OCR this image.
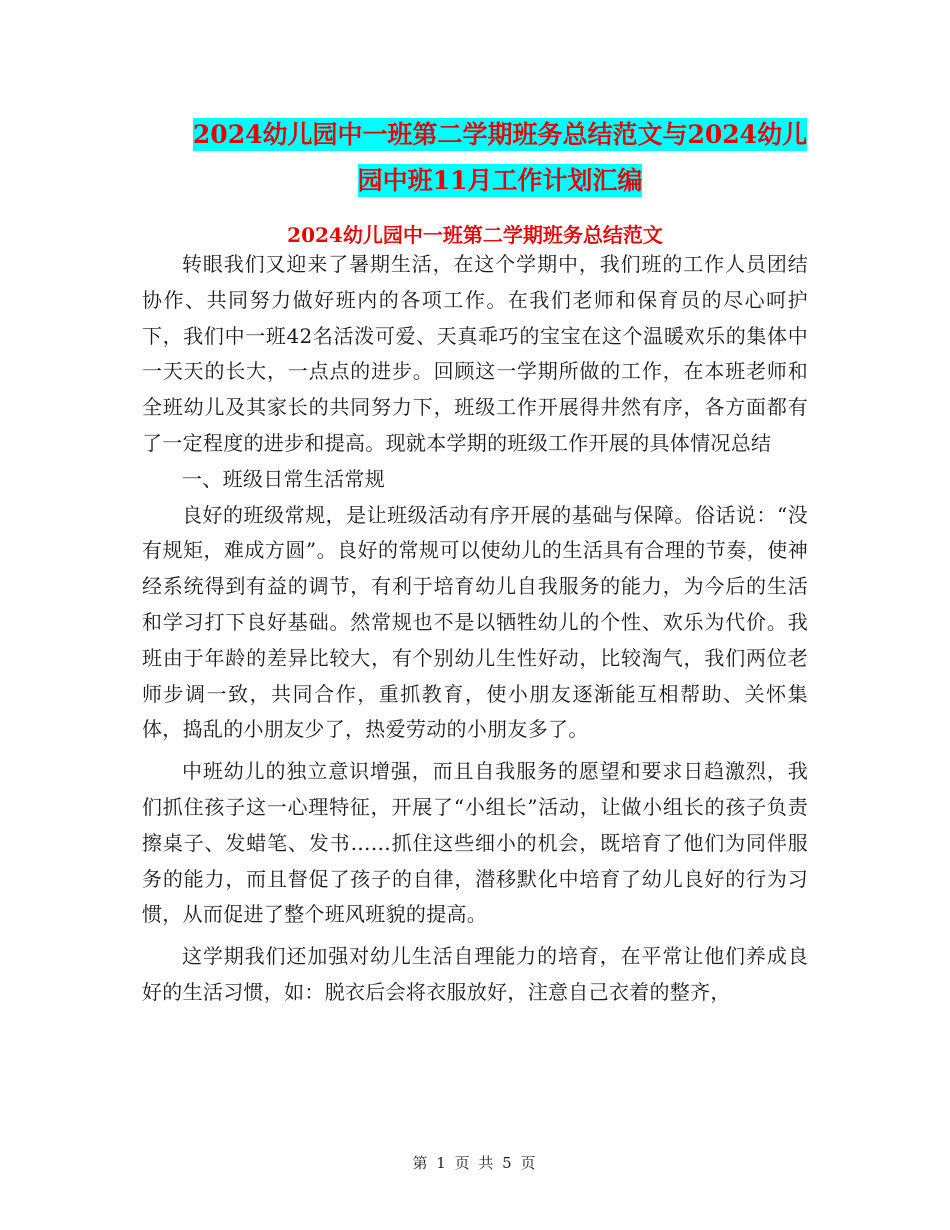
2024幼儿园中一班第二学期班务总结范文与2024幼儿
园中班11月工作计划汇编
2024幼儿园中一班第二学期班务总结范文

转眼我们又迎来了暑期生活，在这个学期中，我们班的工作人员团结协作、共同努力做好班内的各项工作。在我们老师和保育员的尽心呵护下，我们中一班42名活泼可爱、天真乖巧的宝宝在这个温暖欢乐的集体中一天天的长大，一点点的进步。回顾这一学期所做的工作，在本班老师和全班幼儿及其家长的共同努力下，班级工作开展得井然有序，各方面都有了一定程度的进步和提高。现就本学期的班级工作开展的具体情况总结

一、班级日常生活常规

良好的班级常规，是让班级活动有序开展的基础与保障。俗话说：“没有规矩，难成方圆”。良好的常规可以使幼儿的生活具有合理的节奏，使神经系统得到有益的调节，有利于培育幼儿自我服务的能力，为今后的生活和学习打下良好基础。然常规也不是以牺牲幼儿的个性、欢乐为代价。我班由于年龄的差异比较大，有个别幼儿生性好动，比较淘气，我们两位老师步调一致，共同合作，重抓教育，使小朋友逐渐能互相帮助、关怀集体，捣乱的小朋友少了，热爱劳动的小朋友多了。

中班幼儿的独立意识增强，而且自我服务的愿望和要求日趋激烈，我们抓住孩子这一心理特征，开展了“小组长”活动，让做小组长的孩子负责擦桌子、发蜡笔、发书……抓住这些细小的机会，既培育了他们为同伴服务的能力，而且督促了孩子的自律，潜移默化中培育了幼儿良好的行为习惯，从而促进了整个班风班貌的提高。

这学期我们还加强对幼儿生活自理能力的培育，在平常让他们养成良好的生活习惯，如：脱衣后会将衣服放好，注意自己衣着的整齐，

第 1 页 共 5 页
